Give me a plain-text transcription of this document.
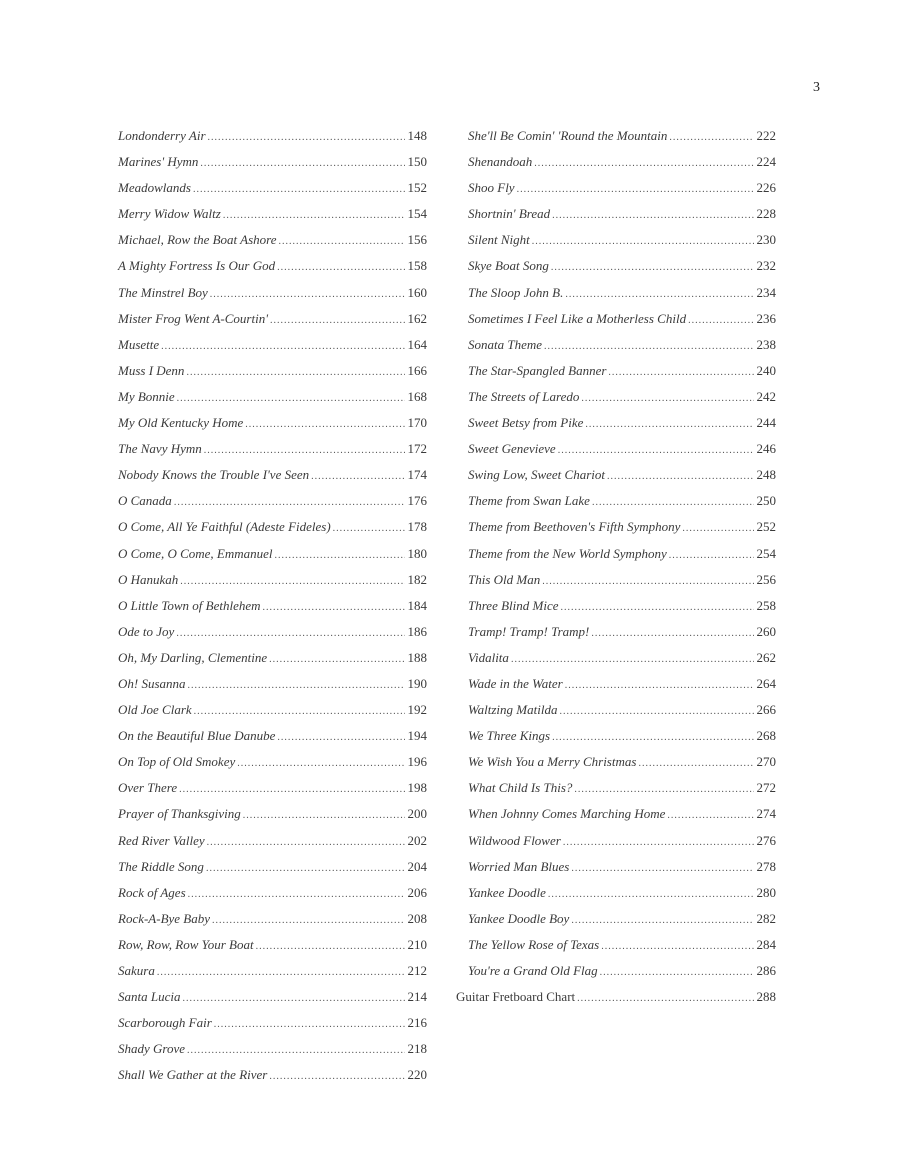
3
Londonderry Air .....	148
Marines' Hymn .....	150
Meadowlands .....	152
Merry Widow Waltz .....	154
Michael, Row the Boat Ashore .....	156
A Mighty Fortress Is Our God .....	158
The Minstrel Boy .....	160
Mister Frog Went A-Courtin' .....	162
Musette .....	164
Muss I Denn .....	166
My Bonnie .....	168
My Old Kentucky Home .....	170
The Navy Hymn .....	172
Nobody Knows the Trouble I've Seen .....	174
O Canada .....	176
O Come, All Ye Faithful (Adeste Fideles) .....	178
O Come, O Come, Emmanuel .....	180
O Hanukah .....	182
O Little Town of Bethlehem .....	184
Ode to Joy .....	186
Oh, My Darling, Clementine .....	188
Oh! Susanna .....	190
Old Joe Clark .....	192
On the Beautiful Blue Danube .....	194
On Top of Old Smokey .....	196
Over There .....	198
Prayer of Thanksgiving .....	200
Red River Valley .....	202
The Riddle Song .....	204
Rock of Ages .....	206
Rock-A-Bye Baby .....	208
Row, Row, Row Your Boat .....	210
Sakura .....	212
Santa Lucia .....	214
Scarborough Fair .....	216
Shady Grove .....	218
Shall We Gather at the River .....	220
She'll Be Comin' 'Round the Mountain .....	222
Shenandoah .....	224
Shoo Fly .....	226
Shortnin' Bread .....	228
Silent Night .....	230
Skye Boat Song .....	232
The Sloop John B. .....	234
Sometimes I Feel Like a Motherless Child .....	236
Sonata Theme .....	238
The Star-Spangled Banner .....	240
The Streets of Laredo .....	242
Sweet Betsy from Pike .....	244
Sweet Genevieve .....	246
Swing Low, Sweet Chariot .....	248
Theme from Swan Lake .....	250
Theme from Beethoven's Fifth Symphony .....	252
Theme from the New World Symphony .....	254
This Old Man .....	256
Three Blind Mice .....	258
Tramp! Tramp! Tramp! .....	260
Vidalita .....	262
Wade in the Water .....	264
Waltzing Matilda .....	266
We Three Kings .....	268
We Wish You a Merry Christmas .....	270
What Child Is This? .....	272
When Johnny Comes Marching Home .....	274
Wildwood Flower .....	276
Worried Man Blues .....	278
Yankee Doodle .....	280
Yankee Doodle Boy .....	282
The Yellow Rose of Texas .....	284
You're a Grand Old Flag .....	286
Guitar Fretboard Chart .....	288
